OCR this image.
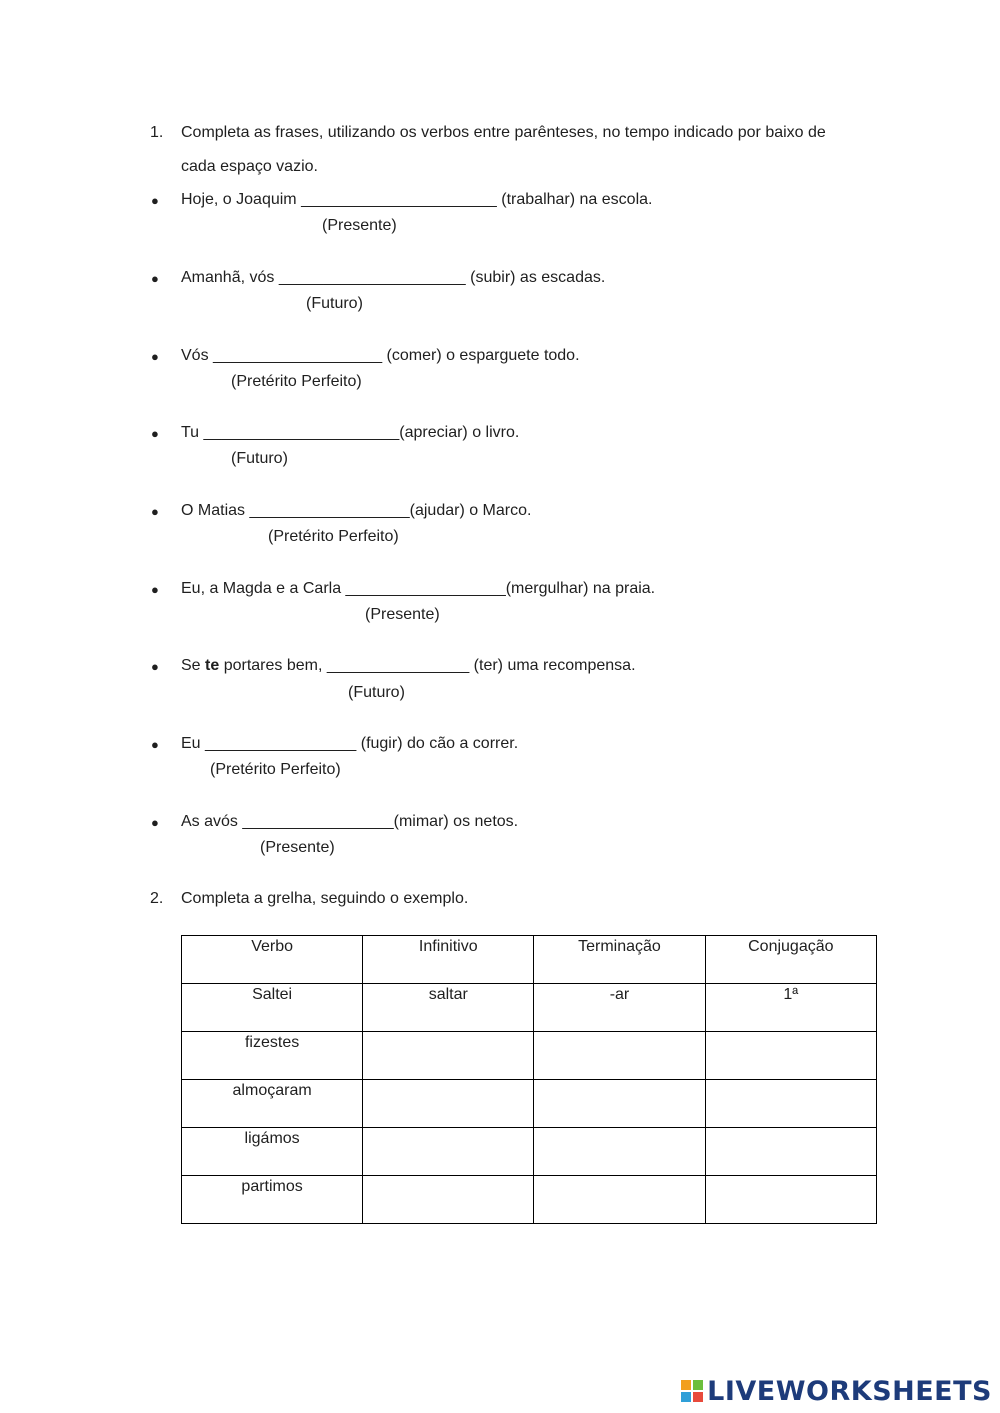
1. Completa as frases, utilizando os verbos entre parênteses, no tempo indicado por baixo de
cada espaço vazio.
● Hoje, o Joaquim ______________________ (trabalhar) na escola.
(Presente)
● Amanhã, vós _____________________ (subir) as escadas.
(Futuro)
● Vós ___________________ (comer) o esparguete todo.
(Pretérito Perfeito)
● Tu ______________________(apreciar) o livro.
(Futuro)
● O Matias __________________(ajudar) o Marco.
(Pretérito Perfeito)
● Eu, a Magda e a Carla __________________(mergulhar) na praia.
(Presente)
● Se te portares bem, ________________ (ter) uma recompensa.
(Futuro)
● Eu _________________ (fugir) do cão a correr.
(Pretérito Perfeito)
● As avós _________________(mimar) os netos.
(Presente)
2. Completa a grelha, seguindo o exemplo.
Verbo	Infinitivo	Terminação	Conjugação
Saltei	saltar	-ar	1ª
fizestes			
almoçaram			
ligámos			
partimos			
LIVEWORKSHEETS
